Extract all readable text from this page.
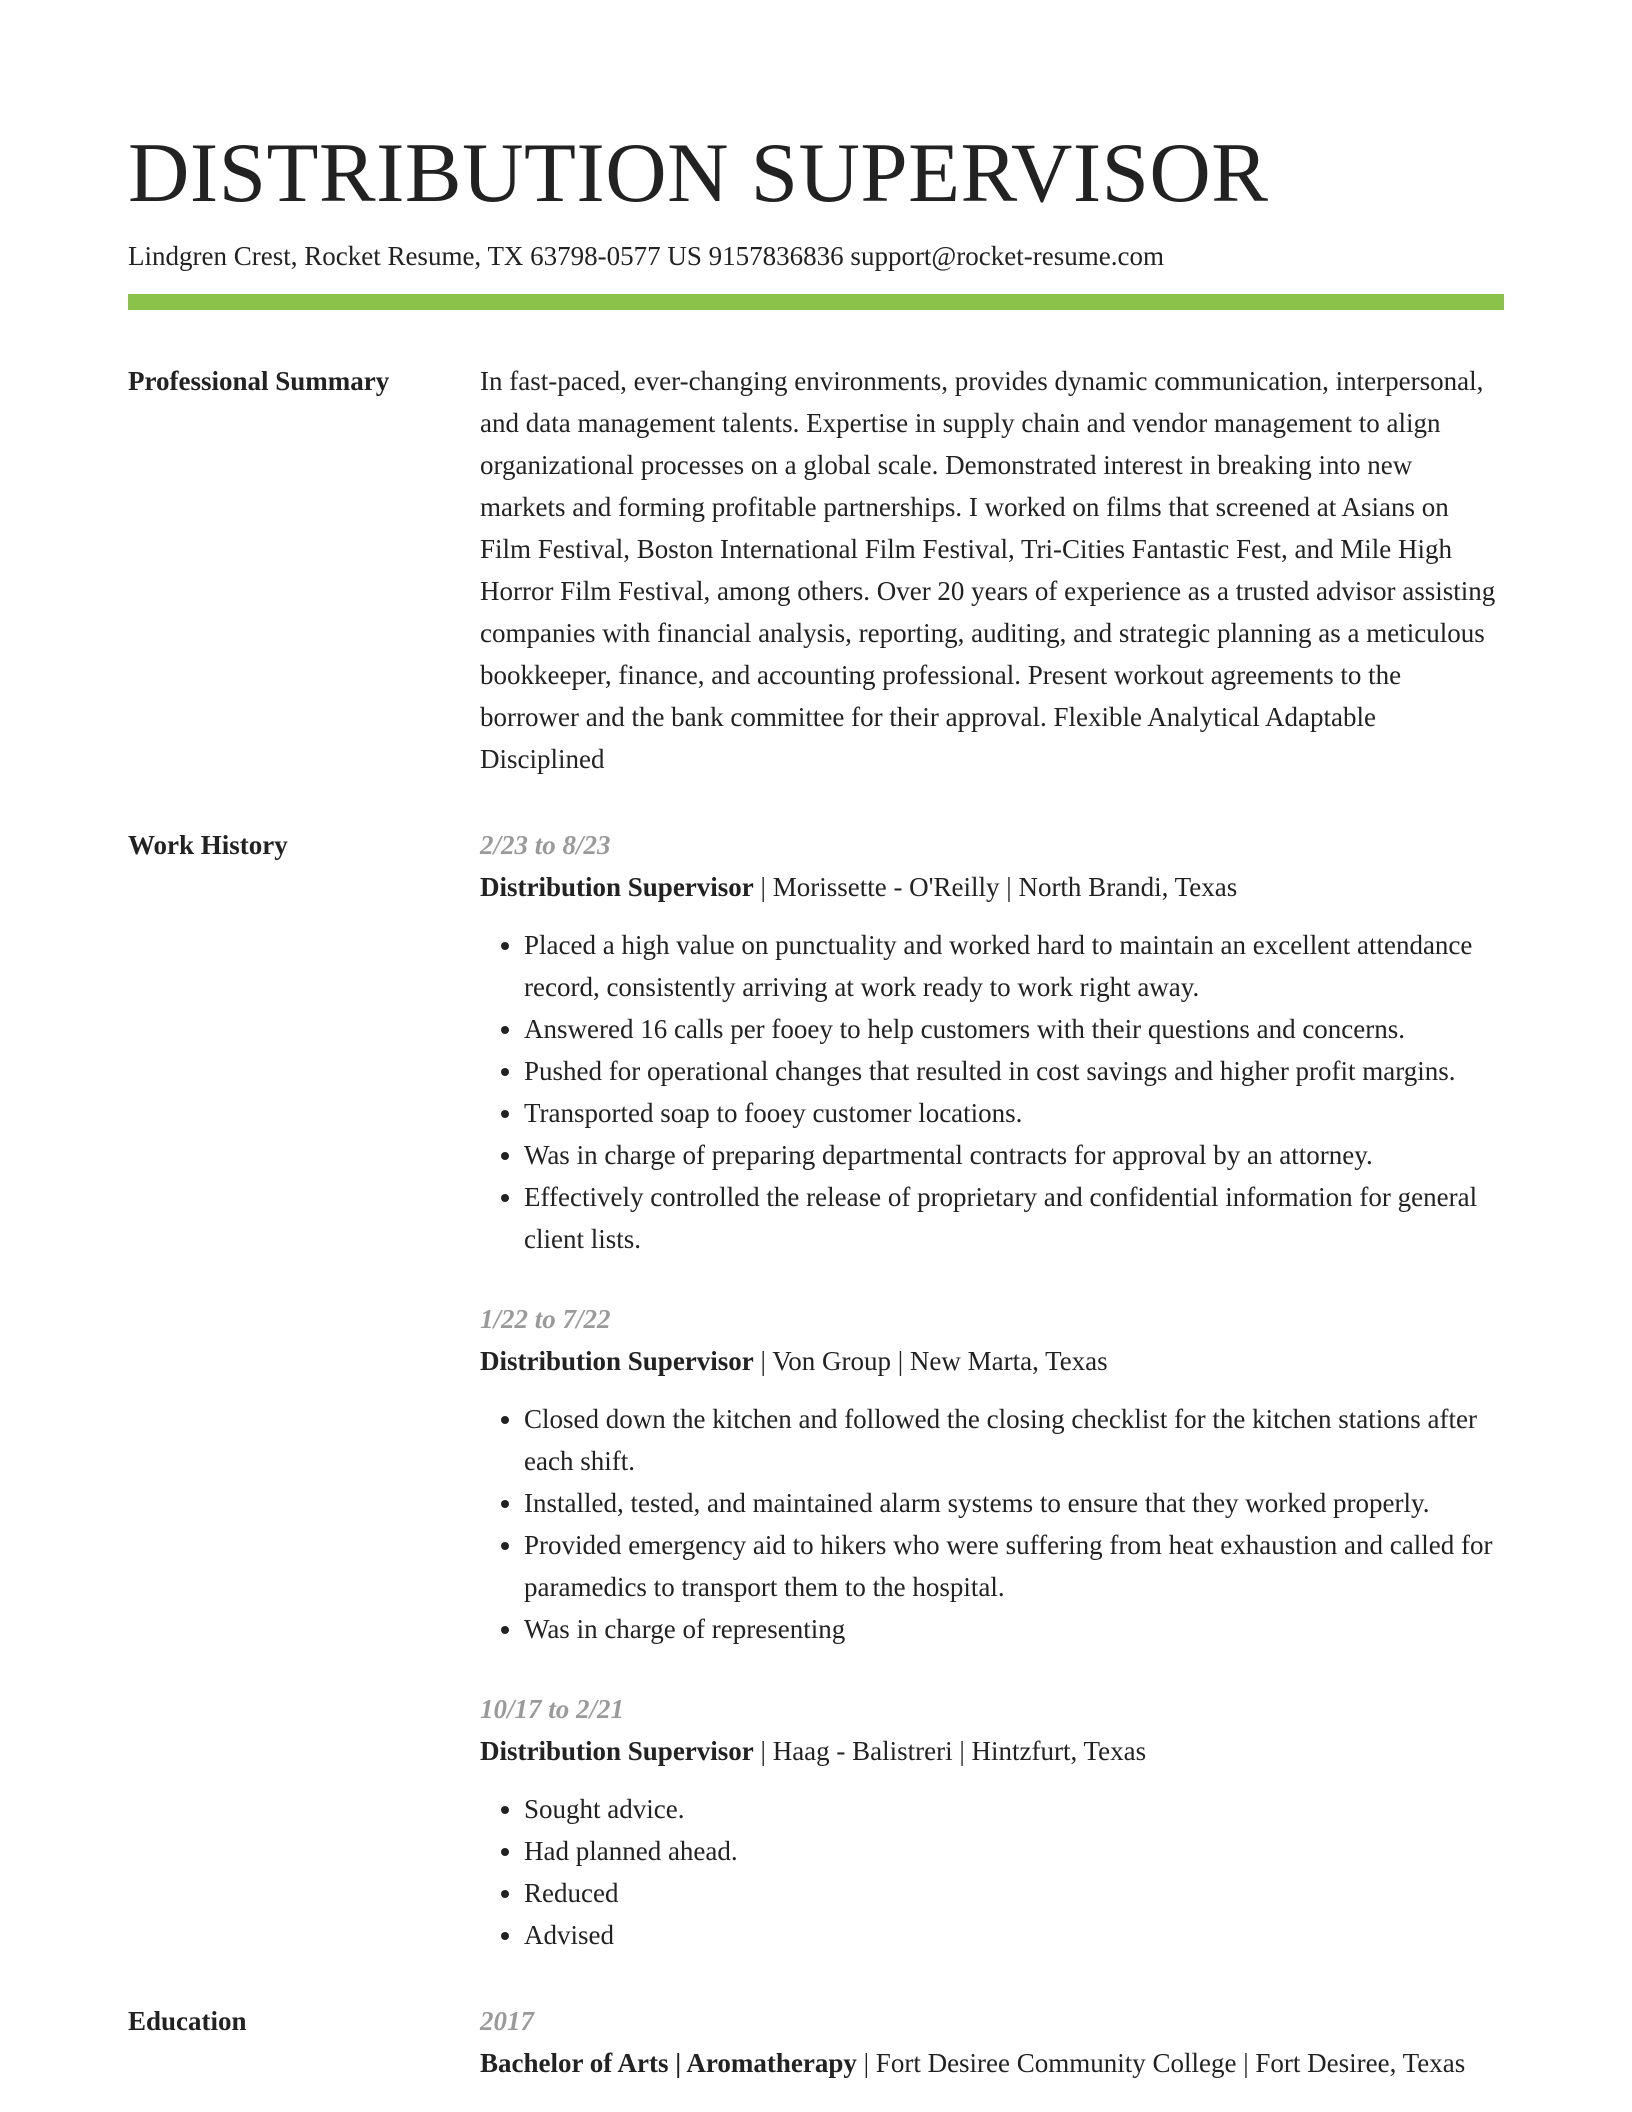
DISTRIBUTION SUPERVISOR
Lindgren Crest, Rocket Resume, TX 63798-0577 US 9157836836 support@rocket-resume.com
Professional Summary	In fast-paced, ever-changing environments, provides dynamic communication, interpersonal, and data management talents. Expertise in supply chain and vendor management to align organizational processes on a global scale. Demonstrated interest in breaking into new markets and forming profitable partnerships. I worked on films that screened at Asians on Film Festival, Boston International Film Festival, Tri-Cities Fantastic Fest, and Mile High Horror Film Festival, among others. Over 20 years of experience as a trusted advisor assisting companies with financial analysis, reporting, auditing, and strategic planning as a meticulous bookkeeper, finance, and accounting professional. Present workout agreements to the borrower and the bank committee for their approval. Flexible Analytical Adaptable Disciplined

Work History	2/23 to 8/23
Distribution Supervisor | Morissette - O'Reilly | North Brandi, Texas
• Placed a high value on punctuality and worked hard to maintain an excellent attendance record, consistently arriving at work ready to work right away.
• Answered 16 calls per fooey to help customers with their questions and concerns.
• Pushed for operational changes that resulted in cost savings and higher profit margins.
• Transported soap to fooey customer locations.
• Was in charge of preparing departmental contracts for approval by an attorney.
• Effectively controlled the release of proprietary and confidential information for general client lists.
1/22 to 7/22
Distribution Supervisor | Von Group | New Marta, Texas
• Closed down the kitchen and followed the closing checklist for the kitchen stations after each shift.
• Installed, tested, and maintained alarm systems to ensure that they worked properly.
• Provided emergency aid to hikers who were suffering from heat exhaustion and called for paramedics to transport them to the hospital.
• Was in charge of representing
10/17 to 2/21
Distribution Supervisor | Haag - Balistreri | Hintzfurt, Texas
• Sought advice.
• Had planned ahead.
• Reduced
• Advised
Education	2017
Bachelor of Arts | Aromatherapy | Fort Desiree Community College | Fort Desiree, Texas
